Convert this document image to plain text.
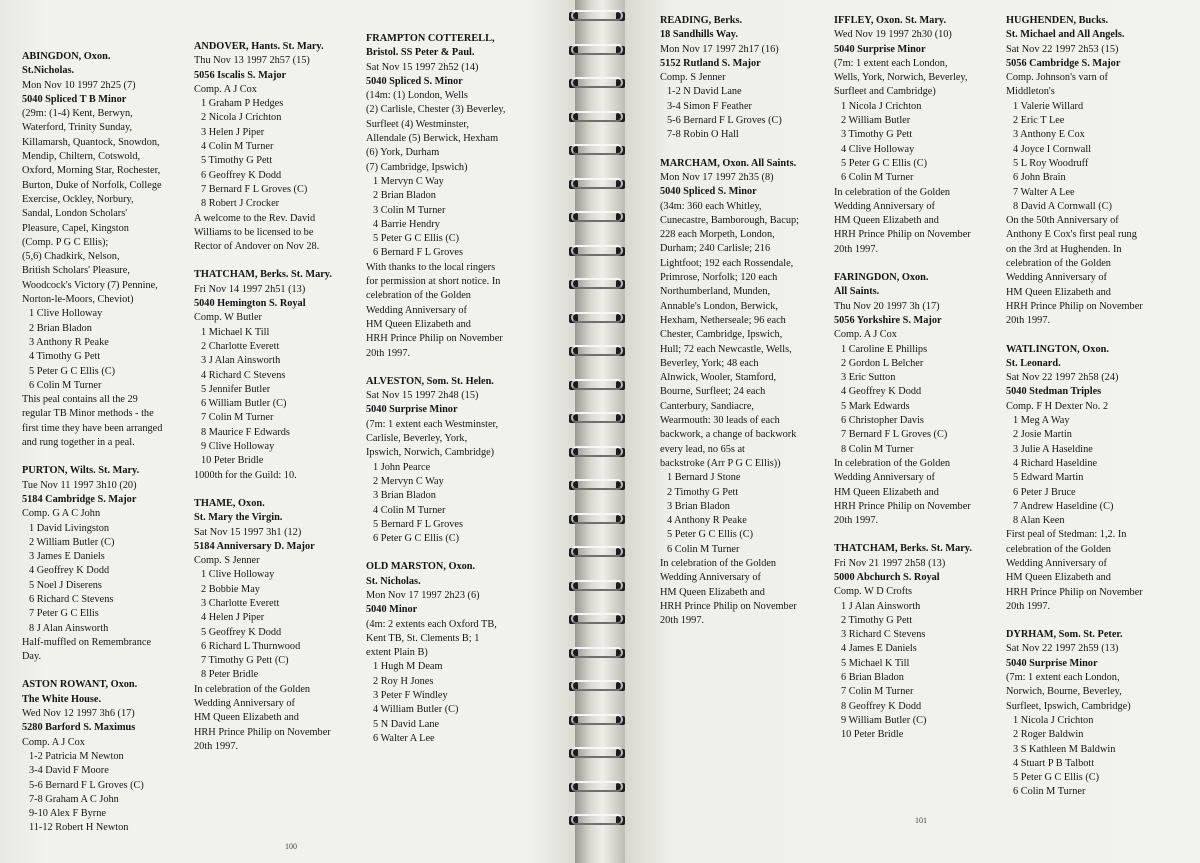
ABINGDON, Oxon.
St.Nicholas.
Mon Nov 10 1997 2h25 (7)
5040 Spliced T B Minor
(29m: (1-4) Kent, Berwyn,
Waterford, Trinity Sunday,
Killamarsh, Quantock, Snowdon,
Mendip, Chiltern, Cotswold,
Oxford, Morning Star, Rochester,
Burton, Duke of Norfolk, College
Exercise, Ockley, Norbury,
Sandal, London Scholars'
Pleasure, Capel, Kingston
(Comp. P G C Ellis);
(5,6) Chadkirk, Nelson,
British Scholars' Pleasure,
Woodcock's Victory (7) Pennine,
Norton-le-Moors, Cheviot)
1 Clive Holloway
2 Brian Bladon
3 Anthony R Peake
4 Timothy G Pett
5 Peter G C Ellis (C)
6 Colin M Turner
This peal contains all the 29
regular TB Minor methods - the
first time they have been arranged
and rung together in a peal.
PURTON, Wilts. St. Mary.
Tue Nov 11 1997 3h10 (20)
5184 Cambridge S. Major
Comp. G A C John
1 David Livingston
2 William Butler (C)
3 James E Daniels
4 Geoffrey K Dodd
5 Noel J Diserens
6 Richard C Stevens
7 Peter G C Ellis
8 J Alan Ainsworth
Half-muffled on Remembrance
Day.
ASTON ROWANT, Oxon.
The White House.
Wed Nov 12 1997 3h6 (17)
5280 Barford S. Maximus
Comp. A J Cox
1-2 Patricia M Newton
3-4 David F Moore
5-6 Bernard F L Groves (C)
7-8 Graham A C John
9-10 Alex F Byrne
11-12 Robert H Newton
ANDOVER, Hants. St. Mary.
Thu Nov 13 1997 2h57 (15)
5056 Iscalis S. Major
Comp. A J Cox
1 Graham P Hedges
2 Nicola J Crichton
3 Helen J Piper
4 Colin M Turner
5 Timothy G Pett
6 Geoffrey K Dodd
7 Bernard F L Groves (C)
8 Robert J Crocker
A welcome to the Rev. David
Williams to be licensed to be
Rector of Andover on Nov 28.
THATCHAM, Berks. St. Mary.
Fri Nov 14 1997 2h51 (13)
5040 Hemington S. Royal
Comp. W Butler
1 Michael K Till
2 Charlotte Everett
3 J Alan Ainsworth
4 Richard C Stevens
5 Jennifer Butler
6 William Butler (C)
7 Colin M Turner
8 Maurice F Edwards
9 Clive Holloway
10 Peter Bridle
1000th for the Guild: 10.
THAME, Oxon.
St. Mary the Virgin.
Sat Nov 15 1997 3h1 (12)
5184 Anniversary D. Major
Comp. S Jenner
1 Clive Holloway
2 Bobbie May
3 Charlotte Everett
4 Helen J Piper
5 Geoffrey K Dodd
6 Richard L Thurnwood
7 Timothy G Pett (C)
8 Peter Bridle
In celebration of the Golden
Wedding Anniversary of
HM Queen Elizabeth and
HRH Prince Philip on November
20th 1997.
FRAMPTON COTTERELL,
Bristol. SS Peter & Paul.
Sat Nov 15 1997 2h52 (14)
5040 Spliced S. Minor
(14m: (1) London, Wells
(2) Carlisle, Chester (3) Beverley,
Surfleet (4) Westminster,
Allendale (5) Berwick, Hexham
(6) York, Durham
(7) Cambridge, Ipswich)
1 Mervyn C Way
2 Brian Bladon
3 Colin M Turner
4 Barrie Hendry
5 Peter G C Ellis (C)
6 Bernard F L Groves
With thanks to the local ringers
for permission at short notice. In
celebration of the Golden
Wedding Anniversary of
HM Queen Elizabeth and
HRH Prince Philip on November
20th 1997.
ALVESTON, Som. St. Helen.
Sat Nov 15 1997 2h48 (15)
5040 Surprise Minor
(7m: 1 extent each Westminster,
Carlisle, Beverley, York,
Ipswich, Norwich, Cambridge)
1 John Pearce
2 Mervyn C Way
3 Brian Bladon
4 Colin M Turner
5 Bernard F L Groves
6 Peter G C Ellis (C)
OLD MARSTON, Oxon.
St. Nicholas.
Mon Nov 17 1997 2h23 (6)
5040 Minor
(4m: 2 extents each Oxford TB,
Kent TB, St. Clements B; 1
extent Plain B)
1 Hugh M Deam
2 Roy H Jones
3 Peter F Windley
4 William Butler (C)
5 N David Lane
6 Walter A Lee
100
READING, Berks.
18 Sandhills Way.
Mon Nov 17 1997 2h17 (16)
5152 Rutland S. Major
Comp. S Jenner
1-2 N David Lane
3-4 Simon F Feather
5-6 Bernard F L Groves (C)
7-8 Robin O Hall
MARCHAM, Oxon. All Saints.
Mon Nov 17 1997 2h35 (8)
5040 Spliced S. Minor
(34m: 360 each Whitley,
Cunecastre, Bamborough, Bacup;
228 each Morpeth, London,
Durham; 240 Carlisle; 216
Lightfoot; 192 each Rossendale,
Primrose, Norfolk; 120 each
Northumberland, Munden,
Annable's London, Berwick,
Hexham, Netherseale; 96 each
Chester, Cambridge, Ipswich,
Hull; 72 each Newcastle, Wells,
Beverley, York; 48 each
Alnwick, Wooler, Stamford,
Bourne, Surfleet; 24 each
Canterbury, Sandiacre,
Wearmouth: 30 leads of each
backwork, a change of backwork
every lead, no 65s at
backstroke (Arr P G C Ellis))
1 Bernard J Stone
2 Timothy G Pett
3 Brian Bladon
4 Anthony R Peake
5 Peter G C Ellis (C)
6 Colin M Turner
In celebration of the Golden
Wedding Anniversary of
HM Queen Elizabeth and
HRH Prince Philip on November
20th 1997.
IFFLEY, Oxon. St. Mary.
Wed Nov 19 1997 2h30 (10)
5040 Surprise Minor
(7m: 1 extent each London,
Wells, York, Norwich, Beverley,
Surfleet and Cambridge)
1 Nicola J Crichton
2 William Butler
3 Timothy G Pett
4 Clive Holloway
5 Peter G C Ellis (C)
6 Colin M Turner
In celebration of the Golden
Wedding Anniversary of
HM Queen Elizabeth and
HRH Prince Philip on November
20th 1997.
FARINGDON, Oxon.
All Saints.
Thu Nov 20 1997 3h (17)
5056 Yorkshire S. Major
Comp. A J Cox
1 Caroline E Phillips
2 Gordon L Belcher
3 Eric Sutton
4 Geoffrey K Dodd
5 Mark Edwards
6 Christopher Davis
7 Bernard F L Groves (C)
8 Colin M Turner
In celebration of the Golden
Wedding Anniversary of
HM Queen Elizabeth and
HRH Prince Philip on November
20th 1997.
THATCHAM, Berks. St. Mary.
Fri Nov 21 1997 2h58 (13)
5000 Abchurch S. Royal
Comp. W D Crofts
1 J Alan Ainsworth
2 Timothy G Pett
3 Richard C Stevens
4 James E Daniels
5 Michael K Till
6 Brian Bladon
7 Colin M Turner
8 Geoffrey K Dodd
9 William Butler (C)
10 Peter Bridle
HUGHENDEN, Bucks.
St. Michael and All Angels.
Sat Nov 22 1997 2h53 (15)
5056 Cambridge S. Major
Comp. Johnson's varn of
Middleton's
1 Valerie Willard
2 Eric T Lee
3 Anthony E Cox
4 Joyce I Cornwall
5 L Roy Woodruff
6 John Brain
7 Walter A Lee
8 David A Cornwall (C)
On the 50th Anniversary of
Anthony E Cox's first peal rung
on the 3rd at Hughenden. In
celebration of the Golden
Wedding Anniversary of
HM Queen Elizabeth and
HRH Prince Philip on November
20th 1997.
WATLINGTON, Oxon.
St. Leonard.
Sat Nov 22 1997 2h58 (24)
5040 Stedman Triples
Comp. F H Dexter No. 2
1 Meg A Way
2 Josie Martin
3 Julie A Haseldine
4 Richard Haseldine
5 Edward Martin
6 Peter J Bruce
7 Andrew Haseldine (C)
8 Alan Keen
First peal of Stedman: 1,2. In
celebration of the Golden
Wedding Anniversary of
HM Queen Elizabeth and
HRH Prince Philip on November
20th 1997.
DYRHAM, Som. St. Peter.
Sat Nov 22 1997 2h59 (13)
5040 Surprise Minor
(7m: 1 extent each London,
Norwich, Bourne, Beverley,
Surfleet, Ipswich, Cambridge)
1 Nicola J Crichton
2 Roger Baldwin
3 S Kathleen M Baldwin
4 Stuart P B Talbott
5 Peter G C Ellis (C)
6 Colin M Turner
101
